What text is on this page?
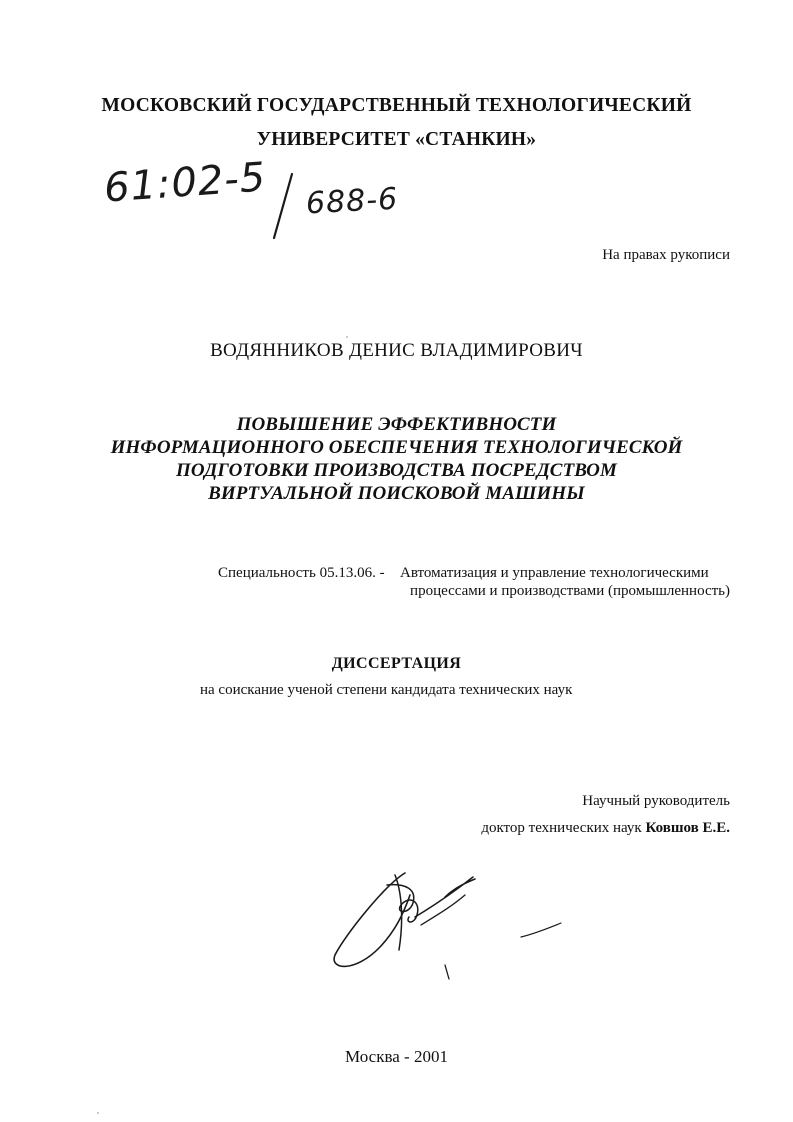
МОСКОВСКИЙ ГОСУДАРСТВЕННЫЙ ТЕХНОЛОГИЧЕСКИЙ
УНИВЕРСИТЕТ «СТАНКИН»
61:02-5 688-6
На правах рукописи
ВОДЯННИКОВ ДЕНИС ВЛАДИМИРОВИЧ
ПОВЫШЕНИЕ ЭФФЕКТИВНОСТИ
ИНФОРМАЦИОННОГО ОБЕСПЕЧЕНИЯ ТЕХНОЛОГИЧЕСКОЙ
ПОДГОТОВКИ ПРОИЗВОДСТВА ПОСРЕДСТВОМ
ВИРТУАЛЬНОЙ ПОИСКОВОЙ МАШИНЫ
Специальность 05.13.06. - Автоматизация и управление технологическими
процессами и производствами (промышленность)
ДИССЕРТАЦИЯ
на соискание ученой степени кандидата технических наук
Научный руководитель
доктор технических наук Ковшов Е.Е.
Москва - 2001
